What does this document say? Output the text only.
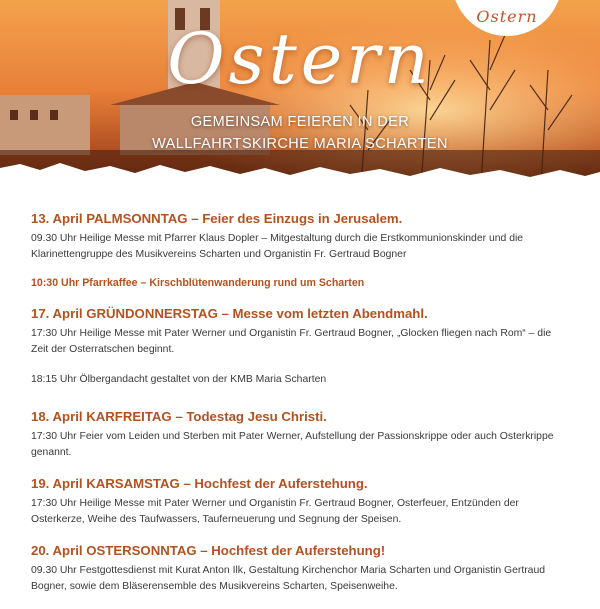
Ostern
Ostern
GEMEINSAM FEIEREN IN DER
WALLFAHRTSKIRCHE MARIA SCHARTEN

13. April PALMSONNTAG – Feier des Einzugs in Jerusalem.

09.30 Uhr Heilige Messe mit Pfarrer Klaus Dopler – Mitgestaltung durch die Erstkommunionskinder und die Klarinettengruppe des Musikvereins Scharten und Organistin Fr. Gertraud Bogner

10:30 Uhr Pfarrkaffee – Kirschblütenwanderung rund um Scharten

17. April GRÜNDONNERSTAG – Messe vom letzten Abendmahl.

17:30 Uhr Heilige Messe mit Pater Werner und Organistin Fr. Gertraud Bogner, „Glocken fliegen nach Rom“ – die Zeit der Osterratschen beginnt.

18:15 Uhr Ölbergandacht gestaltet von der KMB Maria Scharten

18. April KARFREITAG – Todestag Jesu Christi.

17:30 Uhr Feier vom Leiden und Sterben mit Pater Werner, Aufstellung der Passionskrippe oder auch Osterkrippe genannt.

19. April KARSAMSTAG – Hochfest der Auferstehung.

17:30 Uhr Heilige Messe mit Pater Werner und Organistin Fr. Gertraud Bogner, Osterfeuer, Entzünden der Osterkerze, Weihe des Taufwassers, Tauferneuerung und Segnung der Speisen.

20. April OSTERSONNTAG – Hochfest der Auferstehung!

09.30 Uhr Festgottesdienst mit Kurat Anton Ilk, Gestaltung Kirchenchor Maria Scharten und Organistin Gertraud Bogner, sowie dem Bläserensemble des Musikvereins Scharten, Speisenweihe.
